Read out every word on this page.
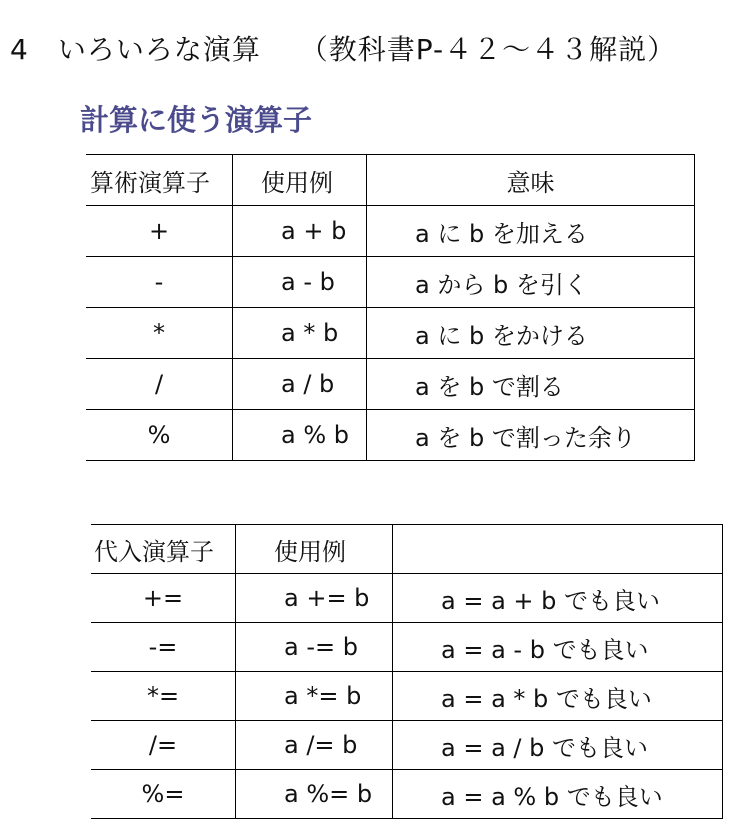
4　いろいろな演算　 （教科書P-４２～４３解説）
計算に使う演算子
算術演算子	使用例	意味
+	a + b	a に b を加える
-	a - b	a から b を引く
*	a * b	a に b をかける
/	a / b	a を b で割る
%	a % b	a を b で割った余り
代入演算子	使用例	
+=	a += b	a = a + b でも良い
-=	a -= b	a = a - b でも良い
*=	a *= b	a = a * b でも良い
/=	a /= b	a = a / b でも良い
%=	a %= b	a = a % b でも良い
